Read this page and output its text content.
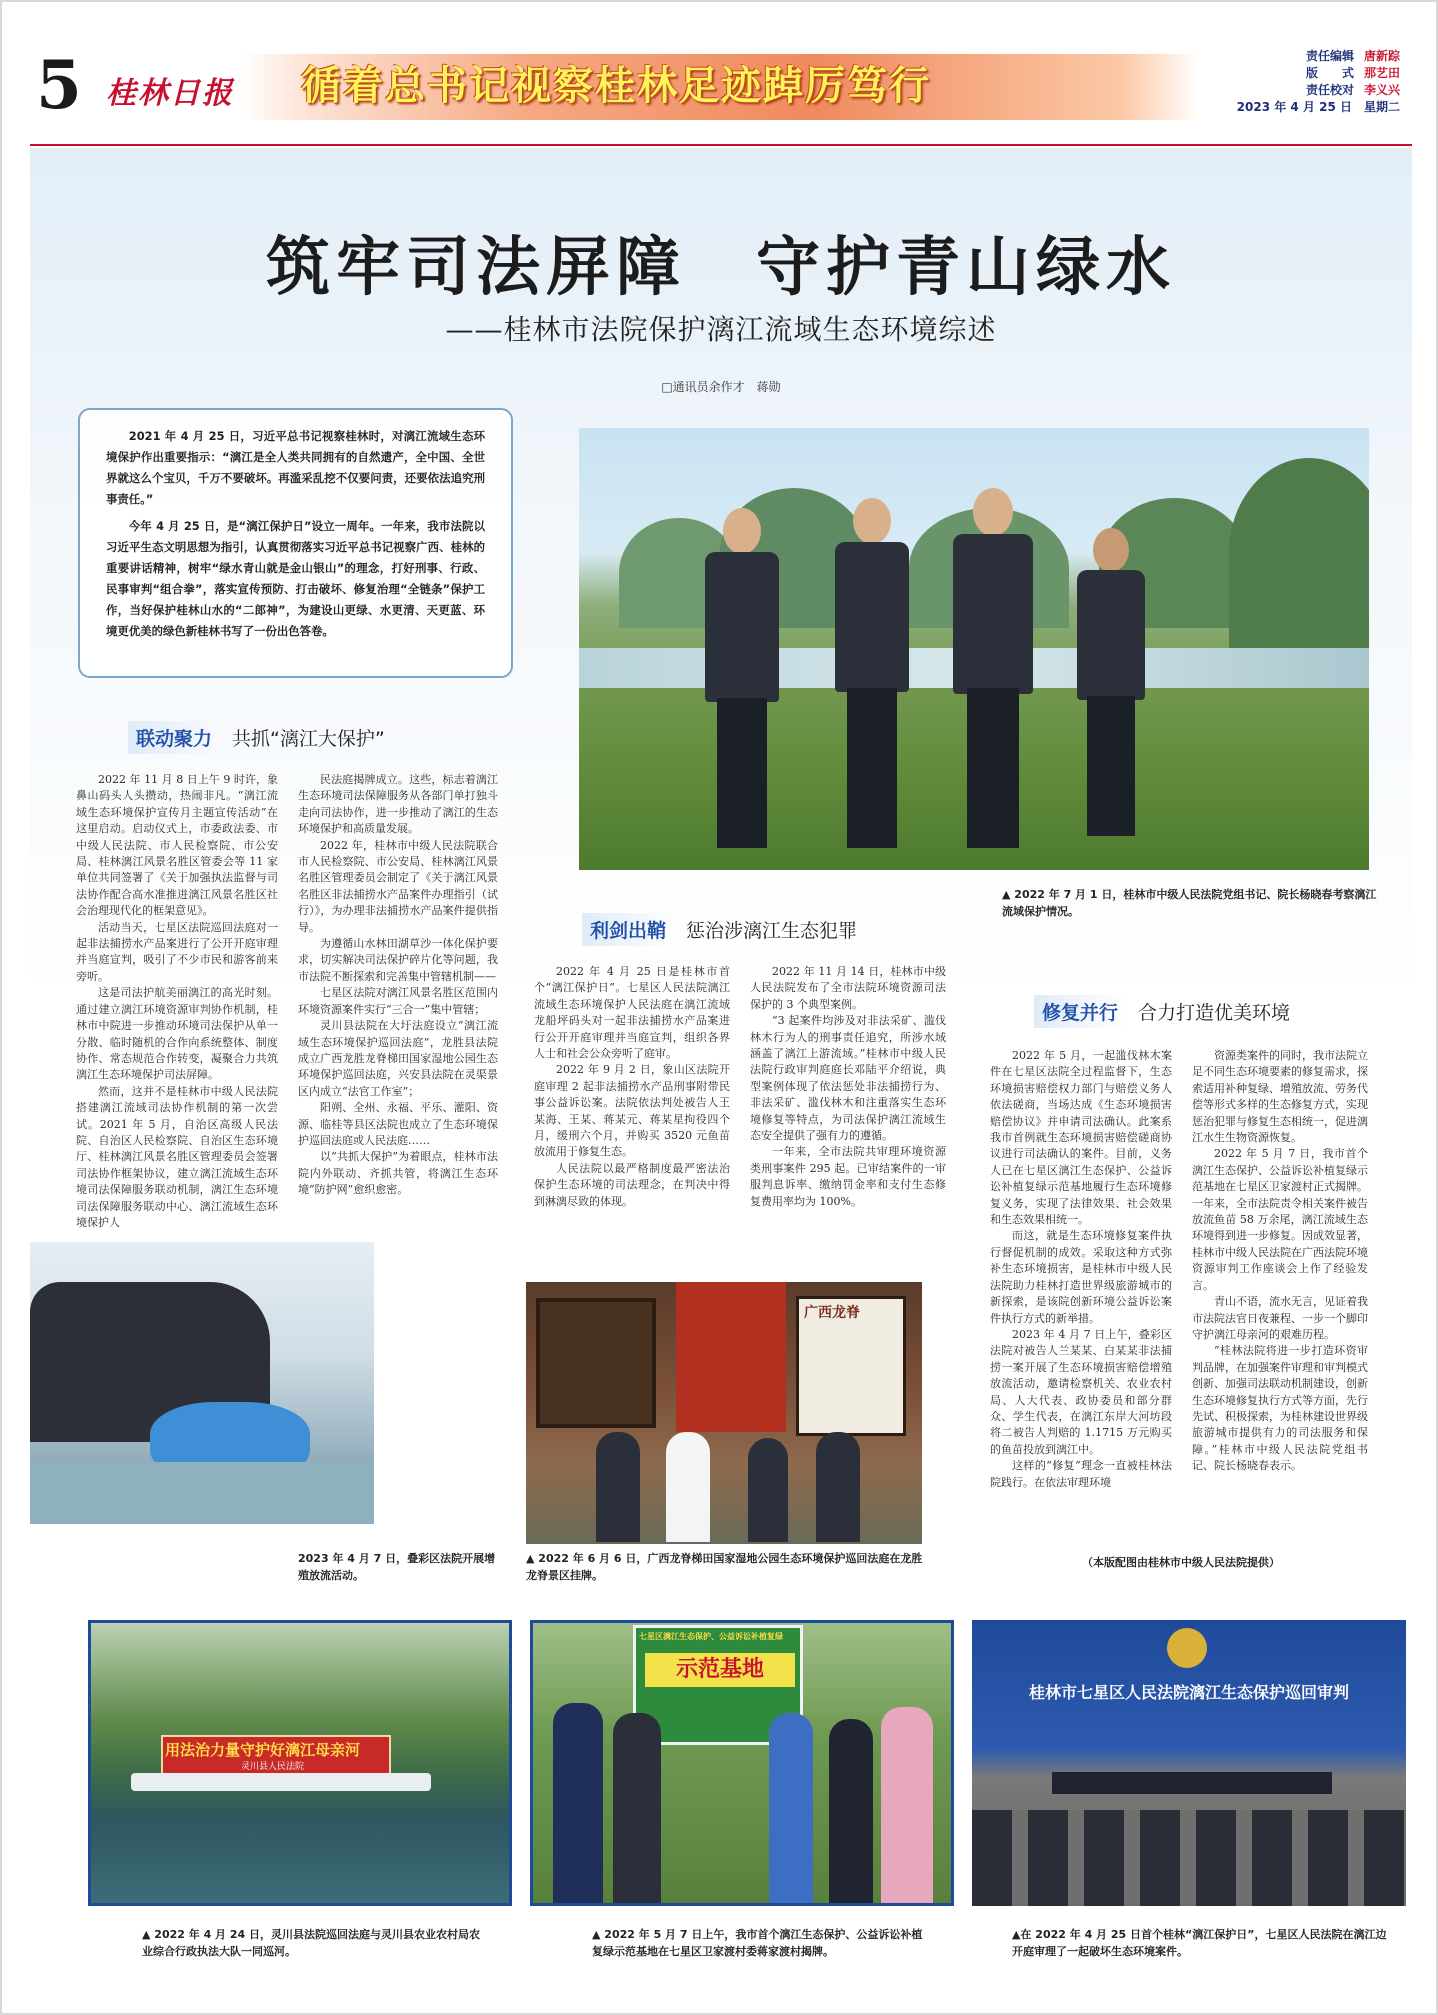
5 桂林日报	循着总书记视察桂林足迹踔厉笃行
责任编辑 唐新踪
版　　式 那艺田
责任校对 李义兴
2023 年 4 月 25 日　星期二
筑牢司法屏障　守护青山绿水
——桂林市法院保护漓江流域生态环境综述
□通讯员余作才　蒋勋

2021 年 4 月 25 日，习近平总书记视察桂林时，对漓江流域生态环境保护作出重要指示：“漓江是全人类共同拥有的自然遗产，全中国、全世界就这么个宝贝，千万不要破坏。再滥采乱挖不仅要问责，还要依法追究刑事责任。”

今年 4 月 25 日，是“漓江保护日”设立一周年。一年来，我市法院以习近平生态文明思想为指引，认真贯彻落实习近平总书记视察广西、桂林的重要讲话精神，树牢“绿水青山就是金山银山”的理念，打好刑事、行政、民事审判“组合拳”，落实宣传预防、打击破坏、修复治理“全链条”保护工作，当好保护桂林山水的“二郎神”，为建设山更绿、水更清、天更蓝、环境更优美的绿色新桂林书写了一份出色答卷。

▲ 2022 年 7 月 1 日，桂林市中级人民法院党组书记、院长杨晓春考察漓江流域保护情况。
联动聚力	共抓“漓江大保护”

2022 年 11 月 8 日上午 9 时许，象鼻山码头人头攒动，热闹非凡。“漓江流域生态环境保护宣传月主题宣传活动”在这里启动。启动仪式上，市委政法委、市中级人民法院、市人民检察院、市公安局、桂林漓江风景名胜区管委会等 11 家单位共同签署了《关于加强执法监督与司法协作配合高水准推进漓江风景名胜区社会治理现代化的框架意见》。

活动当天，七星区法院巡回法庭对一起非法捕捞水产品案进行了公开开庭审理并当庭宣判，吸引了不少市民和游客前来旁听。

这是司法护航美丽漓江的高光时刻。通过建立漓江环境资源审判协作机制，桂林市中院进一步推动环境司法保护从单一分散、临时随机的合作向系统整体、制度协作、常态规范合作转变，凝聚合力共筑漓江生态环境保护司法屏障。

然而，这并不是桂林市中级人民法院搭建漓江流域司法协作机制的第一次尝试。2021 年 5 月，自治区高级人民法院、自治区人民检察院、自治区生态环境厅、桂林漓江风景名胜区管理委员会签署司法协作框架协议，建立漓江流域生态环境司法保障服务联动机制，漓江生态环境司法保障服务联动中心、漓江流域生态环境保护人

民法庭揭牌成立。这些，标志着漓江生态环境司法保障服务从各部门单打独斗走向司法协作，进一步推动了漓江的生态环境保护和高质量发展。

2022 年，桂林市中级人民法院联合市人民检察院、市公安局、桂林漓江风景名胜区管理委员会制定了《关于漓江风景名胜区非法捕捞水产品案件办理指引（试行）》，为办理非法捕捞水产品案件提供指导。

为遵循山水林田湖草沙一体化保护要求，切实解决司法保护碎片化等问题，我市法院不断探索和完善集中管辖机制——

七星区法院对漓江风景名胜区范围内环境资源案件实行“三合一”集中管辖；

灵川县法院在大圩法庭设立“漓江流域生态环境保护巡回法庭”，龙胜县法院成立广西龙胜龙脊梯田国家湿地公园生态环境保护巡回法庭，兴安县法院在灵渠景区内成立“法官工作室”；

阳朔、全州、永福、平乐、灌阳、资源、临桂等县区法院也成立了生态环境保护巡回法庭或人民法庭……

以“共抓大保护”为着眼点，桂林市法院内外联动、齐抓共管，将漓江生态环境“防护网”愈织愈密。

2023 年 4 月 7 日，叠彩区法院开展增殖放流活动。
利剑出鞘	惩治涉漓江生态犯罪

2022 年 4 月 25 日是桂林市首个“漓江保护日”。七星区人民法院漓江流域生态环境保护人民法庭在漓江流域龙船坪码头对一起非法捕捞水产品案进行公开开庭审理并当庭宣判，组织各界人士和社会公众旁听了庭审。

2022 年 9 月 2 日，象山区法院开庭审理 2 起非法捕捞水产品刑事附带民事公益诉讼案。法院依法判处被告人王某海、王某、蒋某元、蒋某星拘役四个月，缓刑六个月，并购买 3520 元鱼苗放流用于修复生态。

人民法院以最严格制度最严密法治保护生态环境的司法理念，在判决中得到淋漓尽致的体现。

2022 年 11 月 14 日，桂林市中级人民法院发布了全市法院环境资源司法保护的 3 个典型案例。

“3 起案件均涉及对非法采矿、滥伐林木行为人的刑事责任追究，所涉水域涵盖了漓江上游流域。”桂林市中级人民法院行政审判庭庭长邓陆平介绍说，典型案例体现了依法惩处非法捕捞行为、非法采矿、滥伐林木和注重落实生态环境修复等特点，为司法保护漓江流域生态安全提供了强有力的遵循。

一年来，全市法院共审理环境资源类刑事案件 295 起。已审结案件的一审服判息诉率、缴纳罚金率和支付生态修复费用率均为 100%。

广西龙脊
▲ 2022 年 6 月 6 日，广西龙脊梯田国家湿地公园生态环境保护巡回法庭在龙胜龙脊景区挂牌。
修复并行	合力打造优美环境

2022 年 5 月，一起滥伐林木案件在七星区法院全过程监督下，生态环境损害赔偿权力部门与赔偿义务人依法磋商，当场达成《生态环境损害赔偿协议》并申请司法确认。此案系我市首例就生态环境损害赔偿磋商协议进行司法确认的案件。目前，义务人已在七星区漓江生态保护、公益诉讼补植复绿示范基地履行生态环境修复义务，实现了法律效果、社会效果和生态效果相统一。

而这，就是生态环境修复案件执行督促机制的成效。采取这种方式弥补生态环境损害，是桂林市中级人民法院助力桂林打造世界级旅游城市的新探索，是该院创新环境公益诉讼案件执行方式的新举措。

2023 年 4 月 7 日上午，叠彩区法院对被告人兰某某、白某某非法捕捞一案开展了生态环境损害赔偿增殖放流活动，邀请检察机关、农业农村局、人大代表、政协委员和部分群众、学生代表，在漓江东岸大河坊段将二被告人判赔的 1.1715 万元购买的鱼苗投放到漓江中。

这样的“修复”理念一直被桂林法院践行。在依法审理环境

资源类案件的同时，我市法院立足不同生态环境要素的修复需求，探索适用补种复绿、增殖放流、劳务代偿等形式多样的生态修复方式，实现惩治犯罪与修复生态相统一，促进漓江水生生物资源恢复。

2022 年 5 月 7 日，我市首个漓江生态保护、公益诉讼补植复绿示范基地在七星区卫家渡村正式揭牌。一年来，全市法院责令相关案件被告放流鱼苗 58 万余尾，漓江流域生态环境得到进一步修复。因成效显著，桂林市中级人民法院在广西法院环境资源审判工作座谈会上作了经验发言。

青山不语，流水无言，见证着我市法院法官日夜兼程、一步一个脚印守护漓江母亲河的艰难历程。

“桂林法院将进一步打造环资审判品牌，在加强案件审理和审判模式创新、加强司法联动机制建设，创新生态环境修复执行方式等方面，先行先试、积极探索，为桂林建设世界级旅游城市提供有力的司法服务和保障。”桂林市中级人民法院党组书记、院长杨晓春表示。

（本版配图由桂林市中级人民法院提供）
用法治力量守护好漓江母亲河
灵川县人民法院
▲ 2022 年 4 月 24 日，灵川县法院巡回法庭与灵川县农业农村局农业综合行政执法大队一同巡河。
七星区漓江生态保护、公益诉讼补植复绿
示范基地
▲ 2022 年 5 月 7 日上午，我市首个漓江生态保护、公益诉讼补植复绿示范基地在七星区卫家渡村委蒋家渡村揭牌。
桂林市七星区人民法院漓江生态保护巡回审判
▲在 2022 年 4 月 25 日首个桂林“漓江保护日”，七星区人民法院在漓江边开庭审理了一起破坏生态环境案件。
